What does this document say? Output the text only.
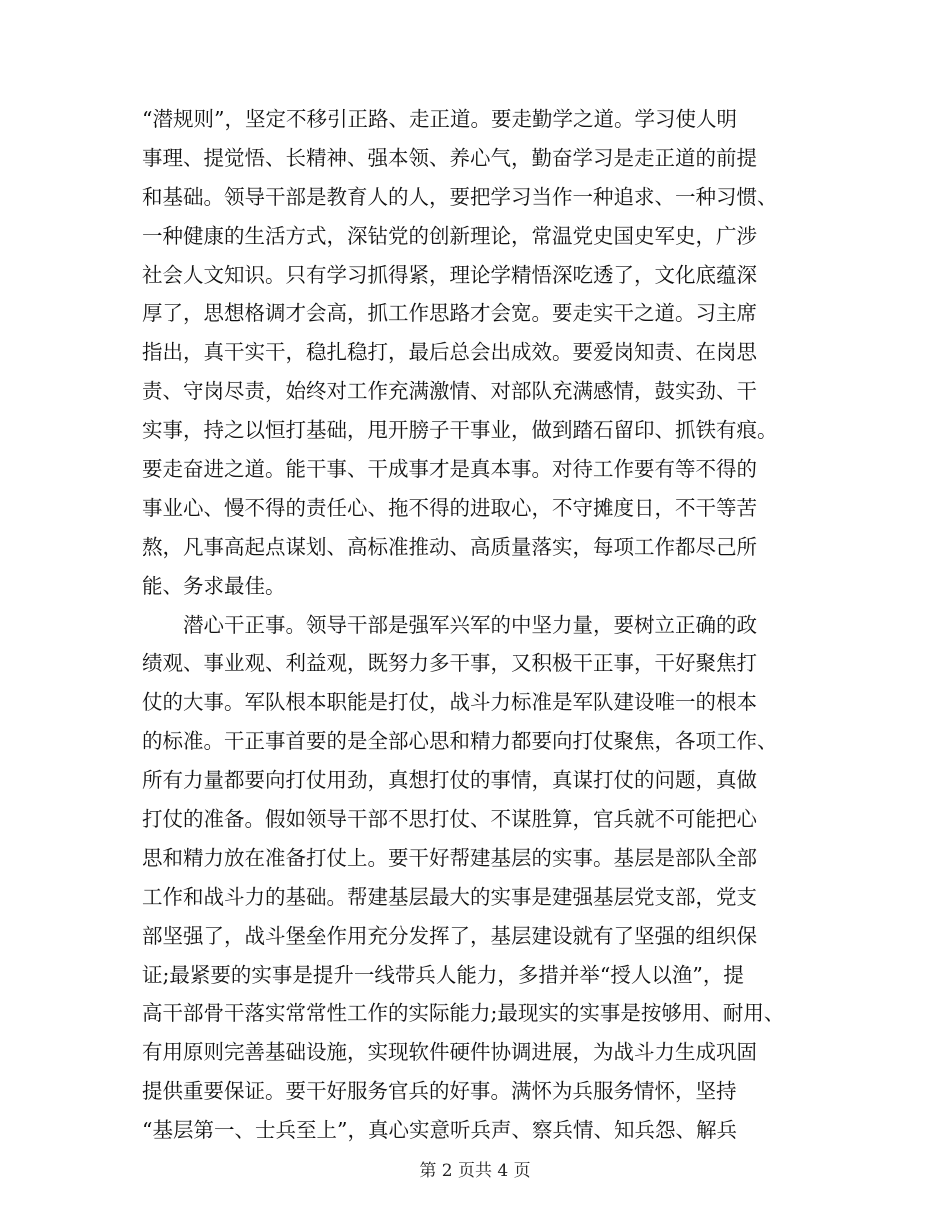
“潜规则”，坚定不移引正路、走正道。要走勤学之道。学习使人明
事理、提觉悟、长精神、强本领、养心气，勤奋学习是走正道的前提
和基础。领导干部是教育人的人，要把学习当作一种追求、一种习惯、
一种健康的生活方式，深钻党的创新理论，常温党史国史军史，广涉
社会人文知识。只有学习抓得紧，理论学精悟深吃透了，文化底蕴深
厚了，思想格调才会高，抓工作思路才会宽。要走实干之道。习主席
指出，真干实干，稳扎稳打，最后总会出成效。要爱岗知责、在岗思
责、守岗尽责，始终对工作充满激情、对部队充满感情，鼓实劲、干
实事，持之以恒打基础，甩开膀子干事业，做到踏石留印、抓铁有痕。
要走奋进之道。能干事、干成事才是真本事。对待工作要有等不得的
事业心、慢不得的责任心、拖不得的进取心，不守摊度日，不干等苦
熬，凡事高起点谋划、高标准推动、高质量落实，每项工作都尽己所
能、务求最佳。
　　潜心干正事。领导干部是强军兴军的中坚力量，要树立正确的政
绩观、事业观、利益观，既努力多干事，又积极干正事，干好聚焦打
仗的大事。军队根本职能是打仗，战斗力标准是军队建设唯一的根本
的标准。干正事首要的是全部心思和精力都要向打仗聚焦，各项工作、
所有力量都要向打仗用劲，真想打仗的事情，真谋打仗的问题，真做
打仗的准备。假如领导干部不思打仗、不谋胜算，官兵就不可能把心
思和精力放在准备打仗上。要干好帮建基层的实事。基层是部队全部
工作和战斗力的基础。帮建基层最大的实事是建强基层党支部，党支
部坚强了，战斗堡垒作用充分发挥了，基层建设就有了坚强的组织保
证;最紧要的实事是提升一线带兵人能力，多措并举“授人以渔”，提
高干部骨干落实常常性工作的实际能力;最现实的实事是按够用、耐用、
有用原则完善基础设施，实现软件硬件协调进展，为战斗力生成巩固
提供重要保证。要干好服务官兵的好事。满怀为兵服务情怀，坚持
“基层第一、士兵至上”，真心实意听兵声、察兵情、知兵怨、解兵
第 2 页共 4 页
